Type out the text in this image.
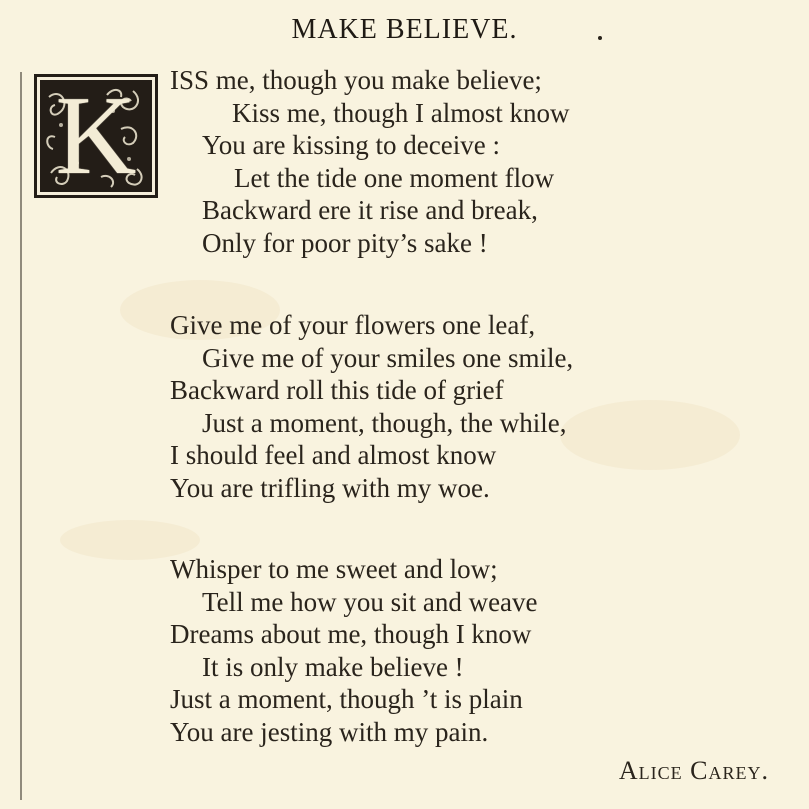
MAKE BELIEVE.
K	ISS me, though you make believe;
Kiss me, though I almost know
You are kissing to deceive :
Let the tide one moment flow
Backward ere it rise and break,
Only for poor pity’s sake !
Give me of your flowers one leaf,
Give me of your smiles one smile,
Backward roll this tide of grief
Just a moment, though, the while,
I should feel and almost know
You are trifling with my woe.
Whisper to me sweet and low;
Tell me how you sit and weave
Dreams about me, though I know
It is only make believe !
Just a moment, though ’t is plain
You are jesting with my pain.
Alice Carey.
